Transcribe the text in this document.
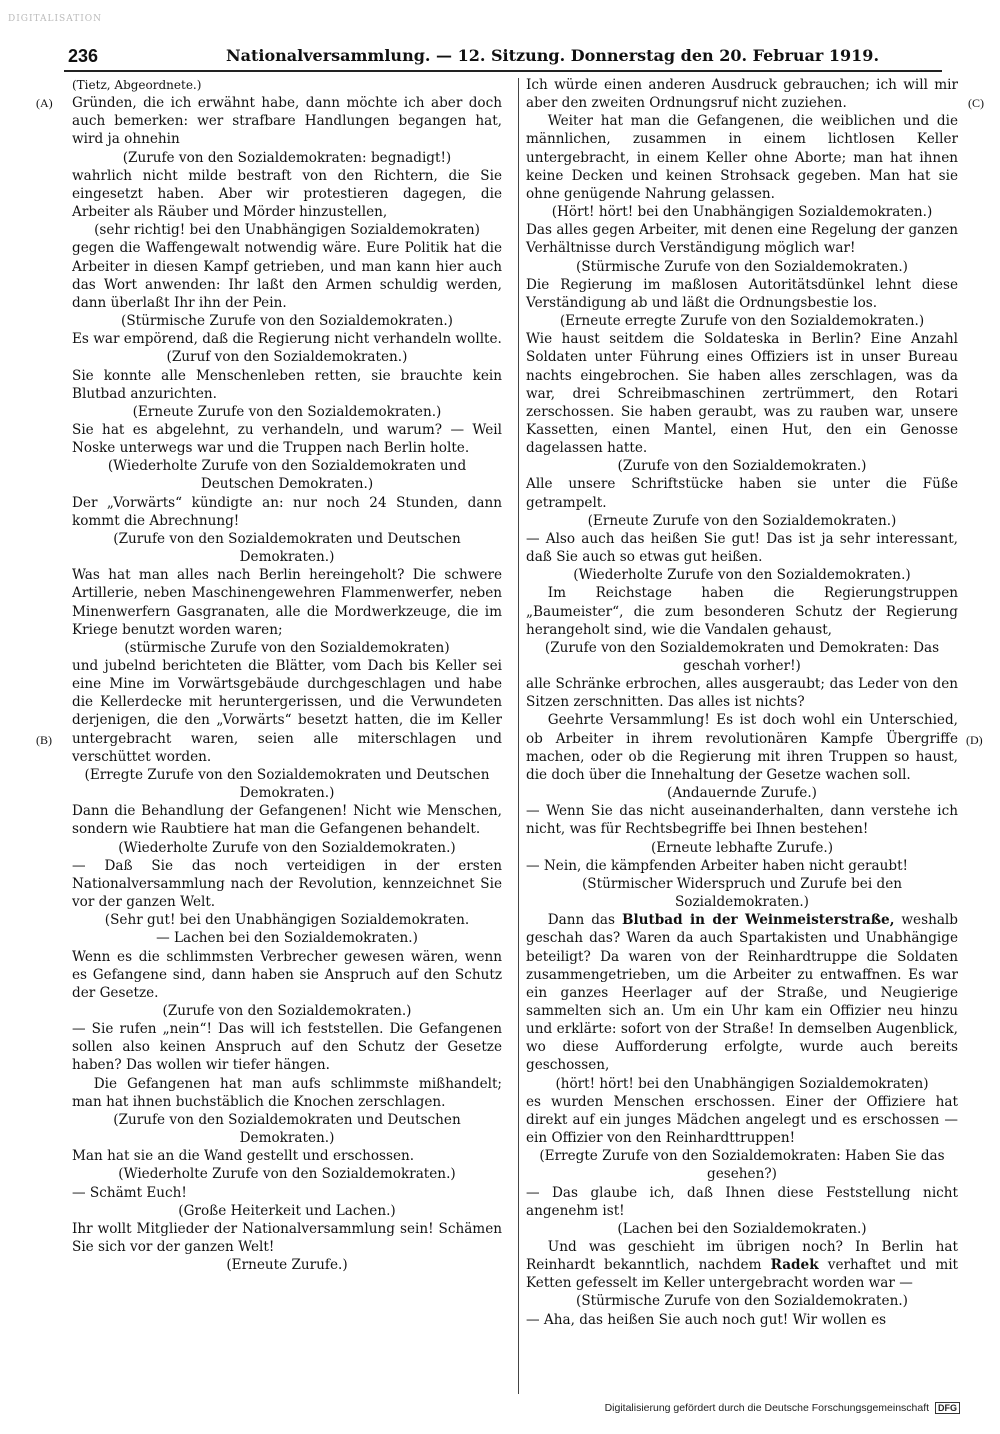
DIGITALISATION
236	Nationalversammlung. — 12. Sitzung. Donnerstag den 20. Februar 1919.
(A)
(B)
(C)
(D)

(Tietz, Abgeordnete.)

Gründen, die ich erwähnt habe, dann möchte ich aber doch auch bemerken: wer strafbare Handlungen begangen hat, wird ja ohnehin

(Zurufe von den Sozialdemokraten: begnadigt!)

wahrlich nicht milde bestraft von den Richtern, die Sie eingesetzt haben. Aber wir protestieren dagegen, die Arbeiter als Räuber und Mörder hinzustellen,

(sehr richtig! bei den Unabhängigen Sozialdemokraten)

gegen die Waffengewalt notwendig wäre. Eure Politik hat die Arbeiter in diesen Kampf getrieben, und man kann hier auch das Wort anwenden: Ihr laßt den Armen schuldig werden, dann überlaßt Ihr ihn der Pein.

(Stürmische Zurufe von den Sozialdemokraten.)

Es war empörend, daß die Regierung nicht verhandeln wollte.

(Zuruf von den Sozialdemokraten.)

Sie konnte alle Menschenleben retten, sie brauchte kein Blutbad anzurichten.

(Erneute Zurufe von den Sozialdemokraten.)

Sie hat es abgelehnt, zu verhandeln, und warum? — Weil Noske unterwegs war und die Truppen nach Berlin holte.

(Wiederholte Zurufe von den Sozialdemokraten und Deutschen Demokraten.)

Der „Vorwärts“ kündigte an: nur noch 24 Stunden, dann kommt die Abrechnung!

(Zurufe von den Sozialdemokraten und Deutschen Demokraten.)

Was hat man alles nach Berlin hereingeholt? Die schwere Artillerie, neben Maschinengewehren Flammenwerfer, neben Minenwerfern Gasgranaten, alle die Mordwerkzeuge, die im Kriege benutzt worden waren;

(stürmische Zurufe von den Sozialdemokraten)

und jubelnd berichteten die Blätter, vom Dach bis Keller sei eine Mine im Vorwärtsgebäude durchgeschlagen und habe die Kellerdecke mit heruntergerissen, und die Verwundeten derjenigen, die den „Vorwärts“ besetzt hatten, die im Keller untergebracht waren, seien alle miterschlagen und verschüttet worden.

(Erregte Zurufe von den Sozialdemokraten und Deutschen Demokraten.)

Dann die Behandlung der Gefangenen! Nicht wie Menschen, sondern wie Raubtiere hat man die Gefangenen behandelt.

(Wiederholte Zurufe von den Sozialdemokraten.)

— Daß Sie das noch verteidigen in der ersten Nationalversammlung nach der Revolution, kennzeichnet Sie vor der ganzen Welt.

(Sehr gut! bei den Unabhängigen Sozialdemokraten.

— Lachen bei den Sozialdemokraten.)

Wenn es die schlimmsten Verbrecher gewesen wären, wenn es Gefangene sind, dann haben sie Anspruch auf den Schutz der Gesetze.

(Zurufe von den Sozialdemokraten.)

— Sie rufen „nein“! Das will ich feststellen. Die Gefangenen sollen also keinen Anspruch auf den Schutz der Gesetze haben? Das wollen wir tiefer hängen.

Die Gefangenen hat man aufs schlimmste mißhandelt; man hat ihnen buchstäblich die Knochen zerschlagen.

(Zurufe von den Sozialdemokraten und Deutschen Demokraten.)

Man hat sie an die Wand gestellt und erschossen.

(Wiederholte Zurufe von den Sozialdemokraten.)

— Schämt Euch!

(Große Heiterkeit und Lachen.)

Ihr wollt Mitglieder der Nationalversammlung sein! Schämen Sie sich vor der ganzen Welt!

(Erneute Zurufe.)

Ich würde einen anderen Ausdruck gebrauchen; ich will mir aber den zweiten Ordnungsruf nicht zuziehen.

Weiter hat man die Gefangenen, die weiblichen und die männlichen, zusammen in einem lichtlosen Keller untergebracht, in einem Keller ohne Aborte; man hat ihnen keine Decken und keinen Strohsack gegeben. Man hat sie ohne genügende Nahrung gelassen.

(Hört! hört! bei den Unabhängigen Sozialdemokraten.)

Das alles gegen Arbeiter, mit denen eine Regelung der ganzen Verhältnisse durch Verständigung möglich war!

(Stürmische Zurufe von den Sozialdemokraten.)

Die Regierung im maßlosen Autoritätsdünkel lehnt diese Verständigung ab und läßt die Ordnungsbestie los.

(Erneute erregte Zurufe von den Sozialdemokraten.)

Wie haust seitdem die Soldateska in Berlin? Eine Anzahl Soldaten unter Führung eines Offiziers ist in unser Bureau nachts eingebrochen. Sie haben alles zerschlagen, was da war, drei Schreibmaschinen zertrümmert, den Rotari zerschossen. Sie haben geraubt, was zu rauben war, unsere Kassetten, einen Mantel, einen Hut, den ein Genosse dagelassen hatte.

(Zurufe von den Sozialdemokraten.)

Alle unsere Schriftstücke haben sie unter die Füße getrampelt.

(Erneute Zurufe von den Sozialdemokraten.)

— Also auch das heißen Sie gut! Das ist ja sehr interessant, daß Sie auch so etwas gut heißen.

(Wiederholte Zurufe von den Sozialdemokraten.)

Im Reichstage haben die Regierungstruppen „Baumeister“, die zum besonderen Schutz der Regierung herangeholt sind, wie die Vandalen gehaust,

(Zurufe von den Sozialdemokraten und Demokraten: Das geschah vorher!)

alle Schränke erbrochen, alles ausgeraubt; das Leder von den Sitzen zerschnitten. Das alles ist nichts?

Geehrte Versammlung! Es ist doch wohl ein Unterschied, ob Arbeiter in ihrem revolutionären Kampfe Übergriffe machen, oder ob die Regierung mit ihren Truppen so haust, die doch über die Innehaltung der Gesetze wachen soll.

(Andauernde Zurufe.)

— Wenn Sie das nicht auseinanderhalten, dann verstehe ich nicht, was für Rechtsbegriffe bei Ihnen bestehen!

(Erneute lebhafte Zurufe.)

— Nein, die kämpfenden Arbeiter haben nicht geraubt!

(Stürmischer Widerspruch und Zurufe bei den Sozialdemokraten.)

Dann das Blutbad in der Weinmeisterstraße, weshalb geschah das? Waren da auch Spartakisten und Unabhängige beteiligt? Da waren von der Reinhardtruppe die Soldaten zusammengetrieben, um die Arbeiter zu entwaffnen. Es war ein ganzes Heerlager auf der Straße, und Neugierige sammelten sich an. Um ein Uhr kam ein Offizier neu hinzu und erklärte: sofort von der Straße! In demselben Augenblick, wo diese Aufforderung erfolgte, wurde auch bereits geschossen,

(hört! hört! bei den Unabhängigen Sozialdemokraten)

es wurden Menschen erschossen. Einer der Offiziere hat direkt auf ein junges Mädchen angelegt und es erschossen — ein Offizier von den Reinhardttruppen!

(Erregte Zurufe von den Sozialdemokraten: Haben Sie das gesehen?)

— Das glaube ich, daß Ihnen diese Feststellung nicht angenehm ist!

(Lachen bei den Sozialdemokraten.)

Und was geschieht im übrigen noch? In Berlin hat Reinhardt bekanntlich, nachdem Radek verhaftet und mit Ketten gefesselt im Keller untergebracht worden war —

(Stürmische Zurufe von den Sozialdemokraten.)

— Aha, das heißen Sie auch noch gut! Wir wollen es

Digitalisierung gefördert durch die Deutsche Forschungsgemeinschaft DFG
